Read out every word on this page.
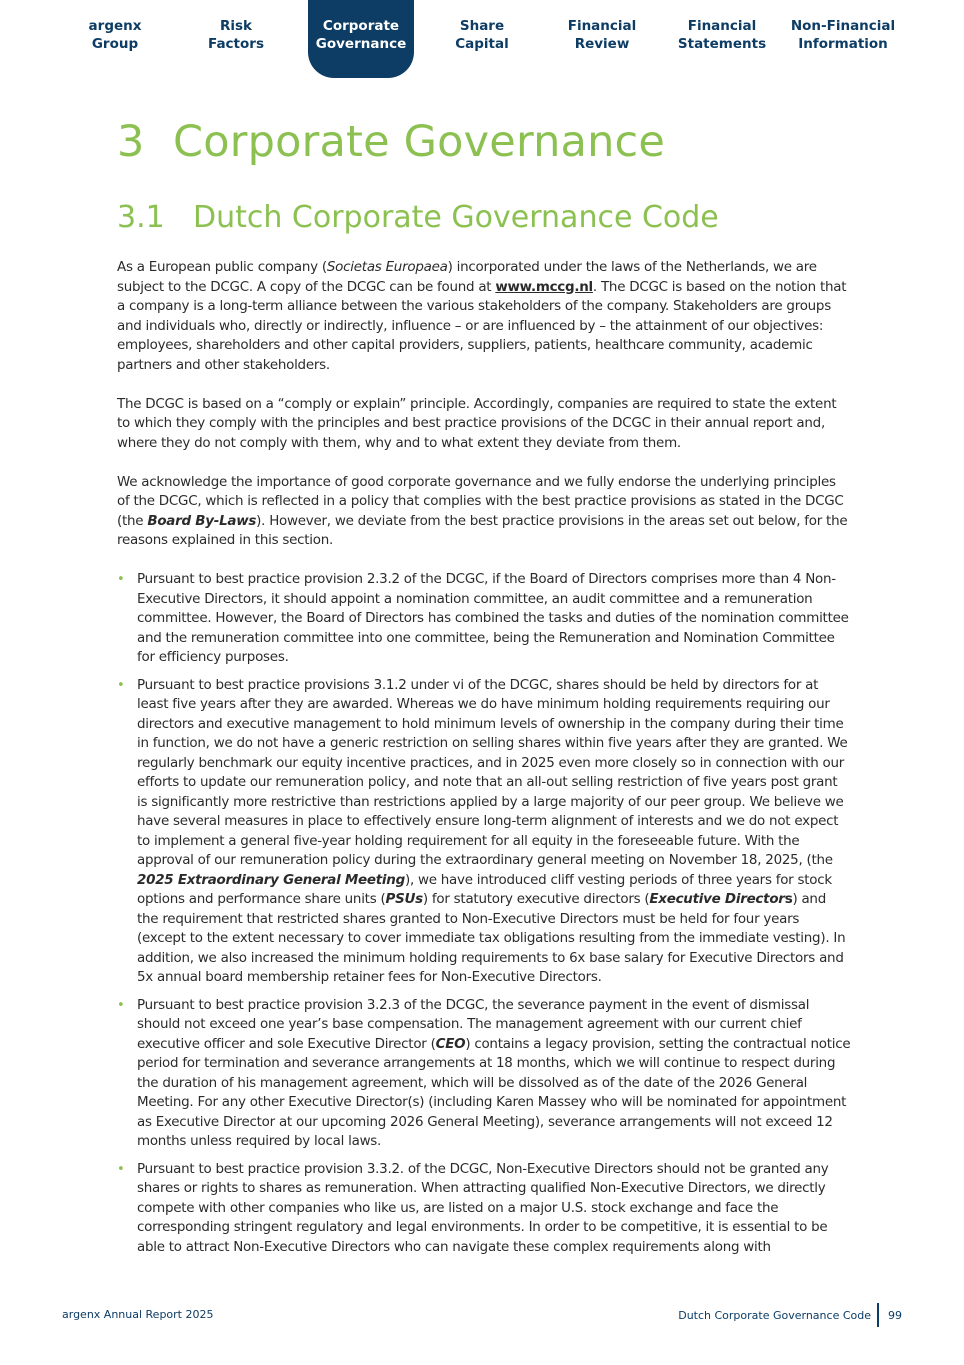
argenx
Group
Risk
Factors
Corporate
Governance
Share
Capital
Financial
Review
Financial
Statements
Non-Financial
Information
3 Corporate Governance
3.1 Dutch Corporate Governance Code

As a European public company (Societas Europaea) incorporated under the laws of the Netherlands, we are subject to the DCGC. A copy of the DCGC can be found at www.mccg.nl. The DCGC is based on the notion that a company is a long-term alliance between the various stakeholders of the company. Stakeholders are groups and individuals who, directly or indirectly, influence – or are influenced by – the attainment of our objectives: employees, shareholders and other capital providers, suppliers, patients, healthcare community, academic partners and other stakeholders.

The DCGC is based on a “comply or explain” principle. Accordingly, companies are required to state the extent to which they comply with the principles and best practice provisions of the DCGC in their annual report and, where they do not comply with them, why and to what extent they deviate from them.

We acknowledge the importance of good corporate governance and we fully endorse the underlying principles of the DCGC, which is reflected in a policy that complies with the best practice provisions as stated in the DCGC (the Board By-Laws). However, we deviate from the best practice provisions in the areas set out below, for the reasons explained in this section.

• Pursuant to best practice provision 2.3.2 of the DCGC, if the Board of Directors comprises more than 4 Non-Executive Directors, it should appoint a nomination committee, an audit committee and a remuneration committee. However, the Board of Directors has combined the tasks and duties of the nomination committee and the remuneration committee into one committee, being the Remuneration and Nomination Committee for efficiency purposes.
• Pursuant to best practice provisions 3.1.2 under vi of the DCGC, shares should be held by directors for at least five years after they are awarded. Whereas we do have minimum holding requirements requiring our directors and executive management to hold minimum levels of ownership in the company during their time in function, we do not have a generic restriction on selling shares within five years after they are granted. We regularly benchmark our equity incentive practices, and in 2025 even more closely so in connection with our efforts to update our remuneration policy, and note that an all-out selling restriction of five years post grant is significantly more restrictive than restrictions applied by a large majority of our peer group. We believe we have several measures in place to effectively ensure long-term alignment of interests and we do not expect to implement a general five-year holding requirement for all equity in the foreseeable future. With the approval of our remuneration policy during the extraordinary general meeting on November 18, 2025, (the 2025 Extraordinary General Meeting), we have introduced cliff vesting periods of three years for stock options and performance share units (PSUs) for statutory executive directors (Executive Directors) and the requirement that restricted shares granted to Non-Executive Directors must be held for four years (except to the extent necessary to cover immediate tax obligations resulting from the immediate vesting). In addition, we also increased the minimum holding requirements to 6x base salary for Executive Directors and 5x annual board membership retainer fees for Non-Executive Directors.
• Pursuant to best practice provision 3.2.3 of the DCGC, the severance payment in the event of dismissal should not exceed one year’s base compensation. The management agreement with our current chief executive officer and sole Executive Director (CEO) contains a legacy provision, setting the contractual notice period for termination and severance arrangements at 18 months, which we will continue to respect during the duration of his management agreement, which will be dissolved as of the date of the 2026 General Meeting. For any other Executive Director(s) (including Karen Massey who will be nominated for appointment as Executive Director at our upcoming 2026 General Meeting), severance arrangements will not exceed 12 months unless required by local laws.
• Pursuant to best practice provision 3.3.2. of the DCGC, Non-Executive Directors should not be granted any shares or rights to shares as remuneration. When attracting qualified Non-Executive Directors, we directly compete with other companies who like us, are listed on a major U.S. stock exchange and face the corresponding stringent regulatory and legal environments. In order to be competitive, it is essential to be able to attract Non-Executive Directors who can navigate these complex requirements along with
argenx Annual Report 2025	Dutch Corporate Governance Code 99
